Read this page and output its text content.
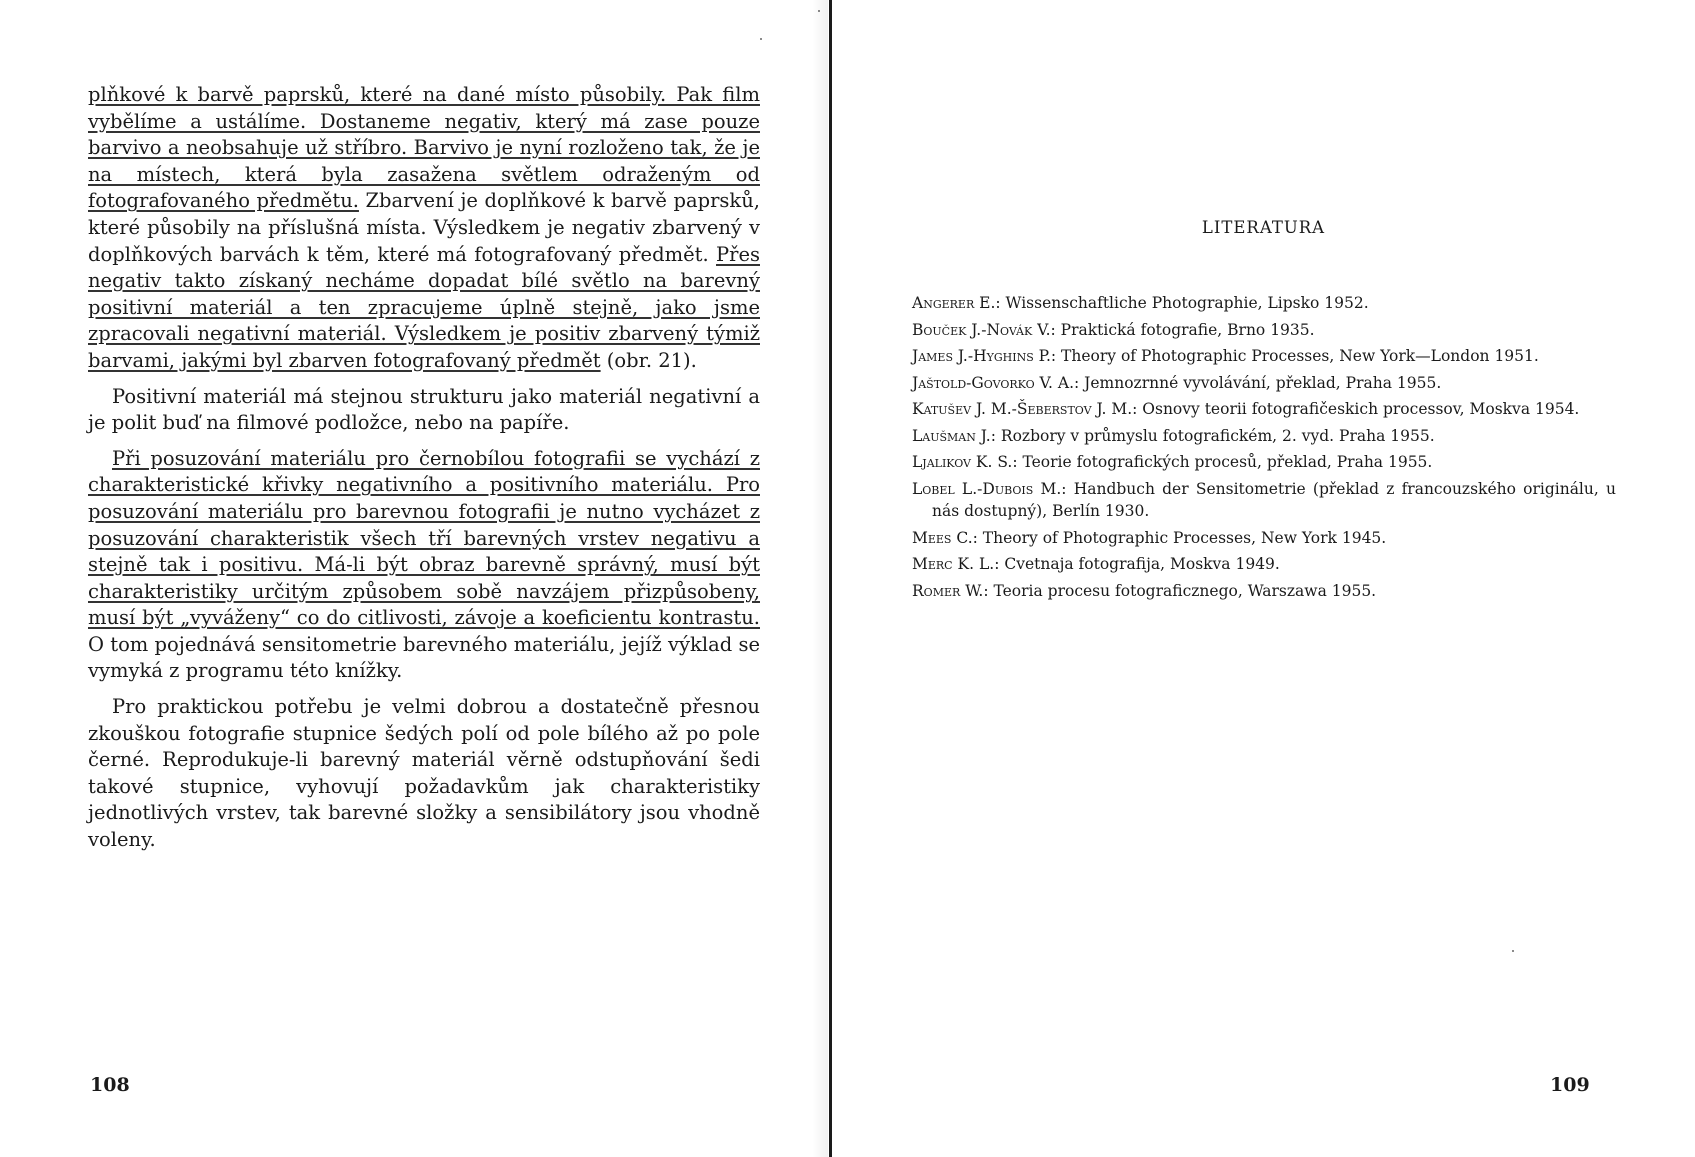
plňkové k barvě paprsků, které na dané místo působily. Pak film vybělíme a ustálíme. Dostaneme negativ, který má zase pouze barvivo a neobsahuje už stříbro. Barvivo je nyní rozloženo tak, že je na místech, která byla zasažena světlem odraženým od fotografovaného předmětu. Zbarvení je doplňkové k barvě paprsků, které působily na příslušná místa. Výsledkem je negativ zbarvený v doplňkových barvách k těm, které má fotografovaný předmět. Přes negativ takto získaný necháme dopadat bílé světlo na barevný positivní materiál a ten zpracujeme úplně stejně, jako jsme zpracovali negativní materiál. Výsledkem je positiv zbarvený týmiž barvami, jakými byl zbarven fotografovaný předmět (obr. 21).

Positivní materiál má stejnou strukturu jako materiál negativní a je polit buď na filmové podložce, nebo na papíře.

Při posuzování materiálu pro černobílou fotografii se vychází z charakteristické křivky negativního a positivního materiálu. Pro posuzování materiálu pro barevnou fotografii je nutno vycházet z posuzování charakteristik všech tří barevných vrstev negativu a stejně tak i positivu. Má-li být obraz barevně správný, musí být charakteristiky určitým způsobem sobě navzájem přizpůsobeny, musí být „vyváženy“ co do citlivosti, závoje a koeficientu kontrastu. O tom pojednává sensitometrie barevného materiálu, jejíž výklad se vymyká z programu této knížky.

Pro praktickou potřebu je velmi dobrou a dostatečně přesnou zkouškou fotografie stupnice šedých polí od pole bílého až po pole černé. Reprodukuje-li barevný materiál věrně odstupňování šedi takové stupnice, vyhovují požadavkům jak charakteristiky jednotlivých vrstev, tak barevné složky a sensibilátory jsou vhodně voleny.

108
LITERATURA

Angerer E.: Wissenschaftliche Photographie, Lipsko 1952.

Bouček J.-Novák V.: Praktická fotografie, Brno 1935.

James J.-Hyghins P.: Theory of Photographic Processes, New York—London 1951.

Jaštold-Govorko V. A.: Jemnozrnné vyvolávání, překlad, Praha 1955.

Katušev J. M.-Šeberstov J. M.: Osnovy teorii fotografičeskich processov, Moskva 1954.

Laušman J.: Rozbory v průmyslu fotografickém, 2. vyd. Praha 1955.

Ljalikov K. S.: Teorie fotografických procesů, překlad, Praha 1955.

Lobel L.-Dubois M.: Handbuch der Sensitometrie (překlad z francouzského originálu, u nás dostupný), Berlín 1930.

Mees C.: Theory of Photographic Processes, New York 1945.

Merc K. L.: Cvetnaja fotografija, Moskva 1949.

Romer W.: Teoria procesu fotograficznego, Warszawa 1955.

109
